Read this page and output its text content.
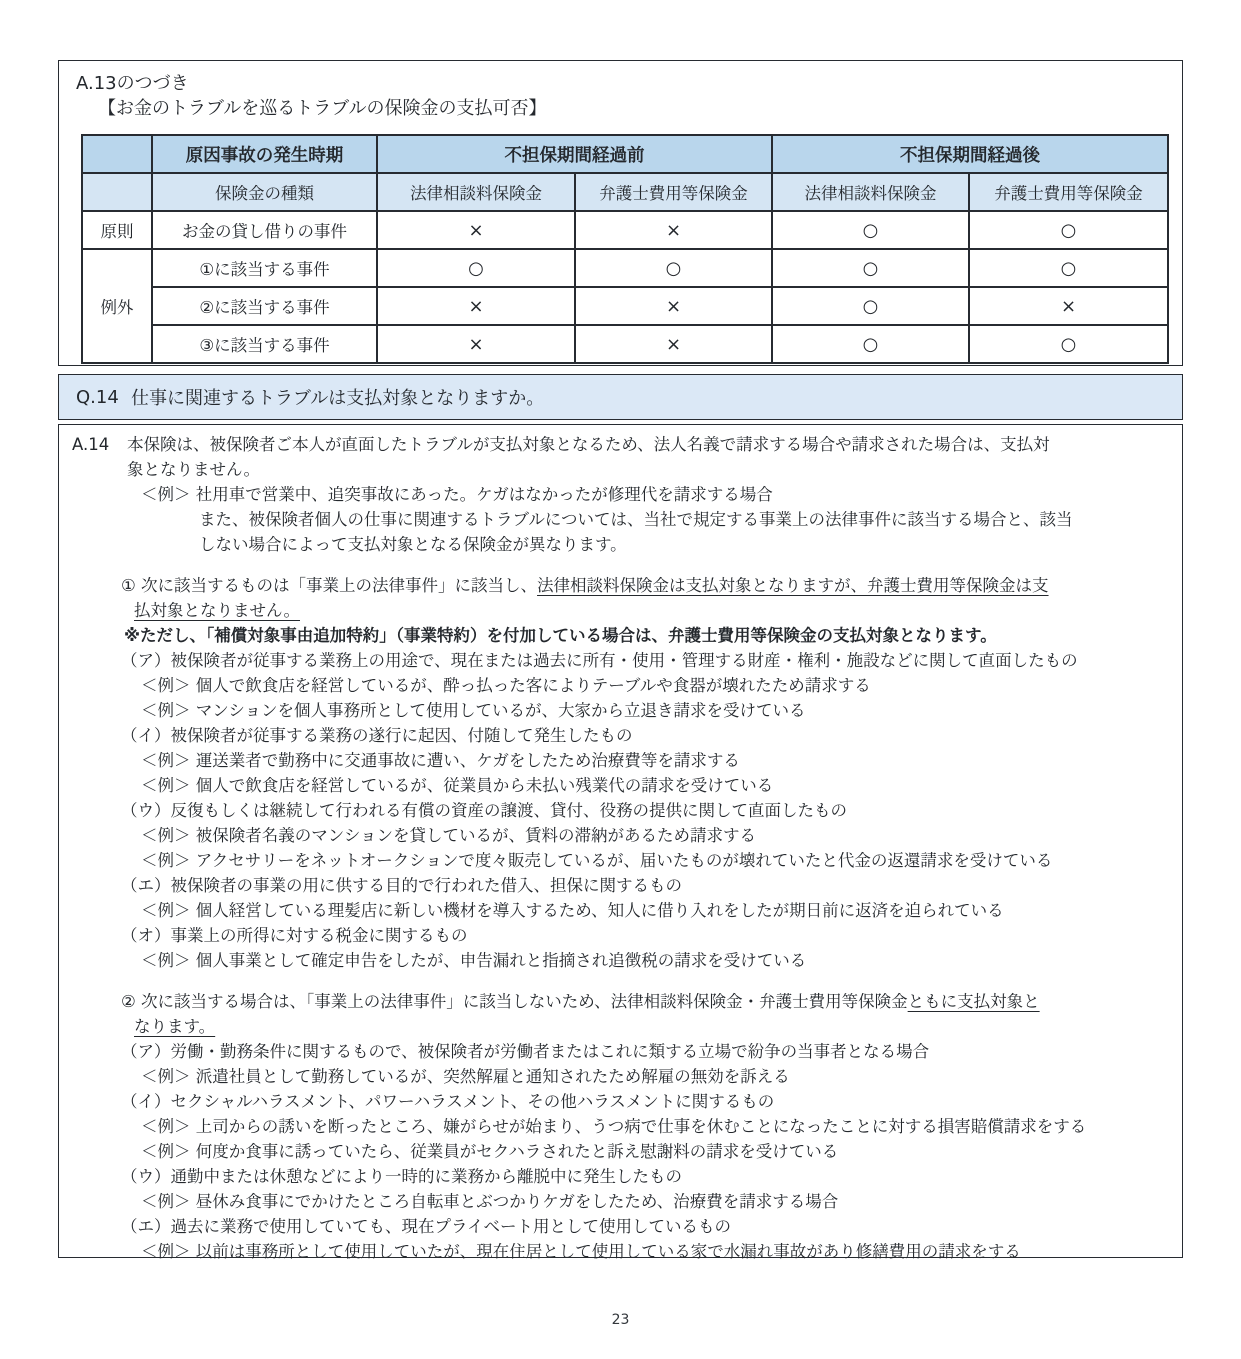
A.13のつづき
【お金のトラブルを巡るトラブルの保険金の支払可否】
	原因事故の発生時期	不担保期間経過前		不担保期間経過後	
	保険金の種類	法律相談料保険金	弁護士費用等保険金	法律相談料保険金	弁護士費用等保険金
原則	お金の貸し借りの事件	×	×	○	○
例外	①に該当する事件	○	○	○	○
	②に該当する事件	×	×	○	×
	③に該当する事件	×	×	○	○
Q.14 仕事に関連するトラブルは支払対象となりますか。
A.14 本保険は、被保険者ご本人が直面したトラブルが支払対象となるため、法人名義で請求する場合や請求された場合は、支払対
象となりません。
＜例＞ 社用車で営業中、追突事故にあった。ケガはなかったが修理代を請求する場合
また、被保険者個人の仕事に関連するトラブルについては、当社で規定する事業上の法律事件に該当する場合と、該当
しない場合によって支払対象となる保険金が異なります。
① 次に該当するものは「事業上の法律事件」に該当し、法律相談料保険金は支払対象となりますが、弁護士費用等保険金は支
払対象となりません。
※ただし、「補償対象事由追加特約」（事業特約）を付加している場合は、弁護士費用等保険金の支払対象となります。
（ア）被保険者が従事する業務上の用途で、現在または過去に所有・使用・管理する財産・権利・施設などに関して直面したもの
＜例＞ 個人で飲食店を経営しているが、酔っ払った客によりテーブルや食器が壊れたため請求する
＜例＞ マンションを個人事務所として使用しているが、大家から立退き請求を受けている
（イ）被保険者が従事する業務の遂行に起因、付随して発生したもの
＜例＞ 運送業者で勤務中に交通事故に遭い、ケガをしたため治療費等を請求する
＜例＞ 個人で飲食店を経営しているが、従業員から未払い残業代の請求を受けている
（ウ）反復もしくは継続して行われる有償の資産の譲渡、貸付、役務の提供に関して直面したもの
＜例＞ 被保険者名義のマンションを貸しているが、賃料の滞納があるため請求する
＜例＞ アクセサリーをネットオークションで度々販売しているが、届いたものが壊れていたと代金の返還請求を受けている
（エ）被保険者の事業の用に供する目的で行われた借入、担保に関するもの
＜例＞ 個人経営している理髪店に新しい機材を導入するため、知人に借り入れをしたが期日前に返済を迫られている
（オ）事業上の所得に対する税金に関するもの
＜例＞ 個人事業として確定申告をしたが、申告漏れと指摘され追徴税の請求を受けている
② 次に該当する場合は、「事業上の法律事件」に該当しないため、法律相談料保険金・弁護士費用等保険金ともに支払対象と
なります。
（ア）労働・勤務条件に関するもので、被保険者が労働者またはこれに類する立場で紛争の当事者となる場合
＜例＞ 派遣社員として勤務しているが、突然解雇と通知されたため解雇の無効を訴える
（イ）セクシャルハラスメント、パワーハラスメント、その他ハラスメントに関するもの
＜例＞ 上司からの誘いを断ったところ、嫌がらせが始まり、うつ病で仕事を休むことになったことに対する損害賠償請求をする
＜例＞ 何度か食事に誘っていたら、従業員がセクハラされたと訴え慰謝料の請求を受けている
（ウ）通勤中または休憩などにより一時的に業務から離脱中に発生したもの
＜例＞ 昼休み食事にでかけたところ自転車とぶつかりケガをしたため、治療費を請求する場合
（エ）過去に業務で使用していても、現在プライベート用として使用しているもの
＜例＞ 以前は事務所として使用していたが、現在住居として使用している家で水漏れ事故があり修繕費用の請求をする
23
